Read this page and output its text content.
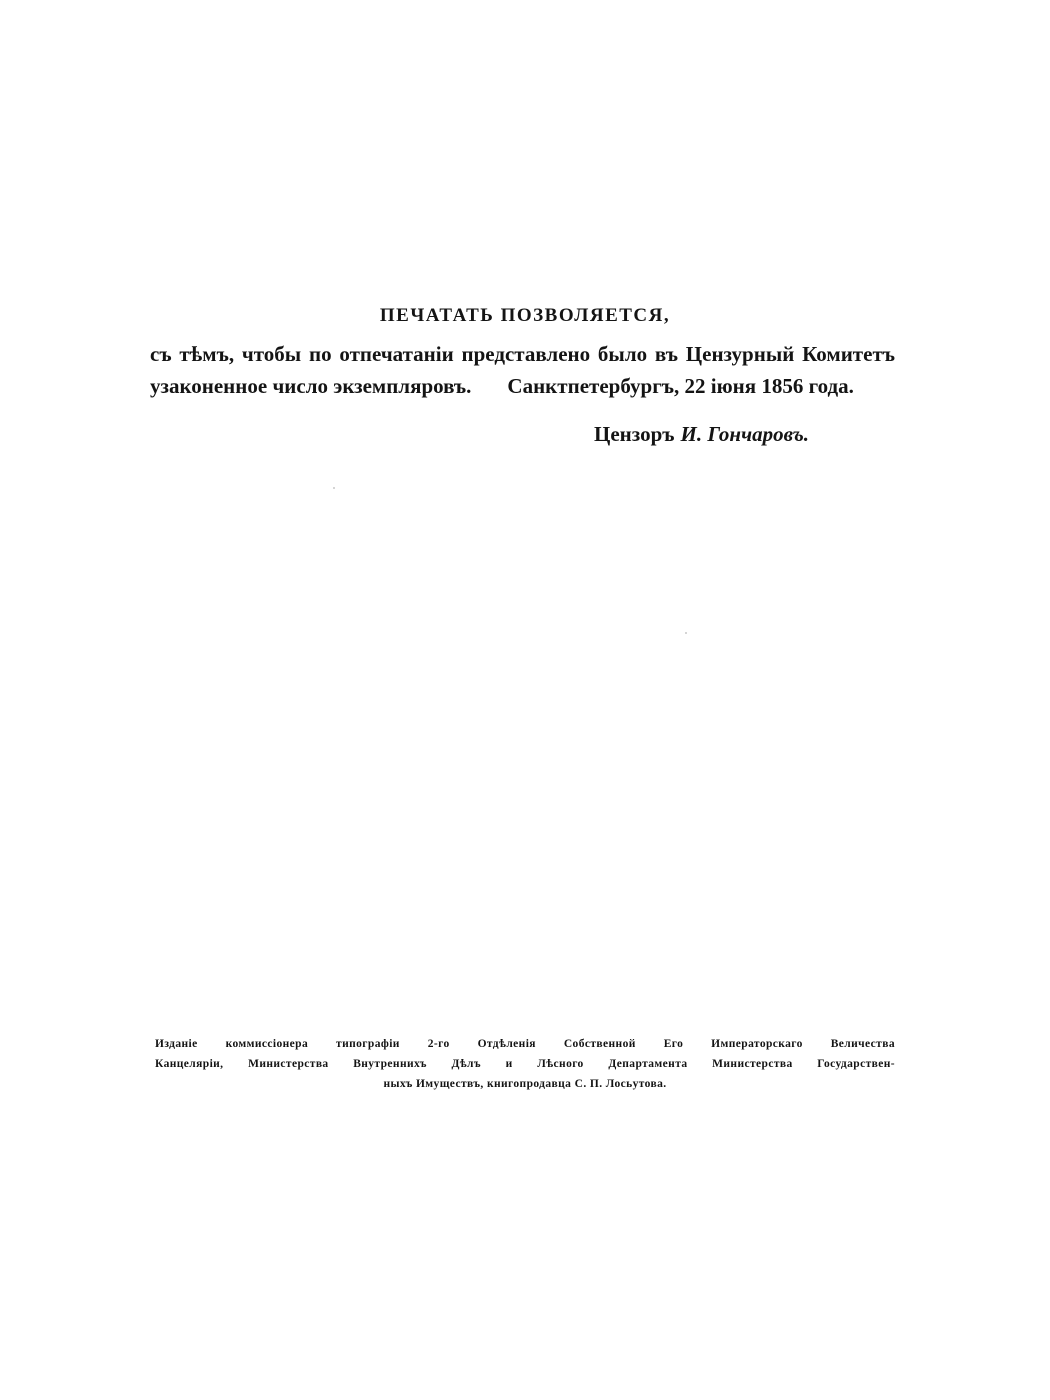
ПЕЧАТАТЬ ПОЗВОЛЯЕТСЯ,

съ тѣмъ, чтобы по отпечатаніи представлено было въ Цензурный Комитетъ

узаконенное число экземпляровъ. Санктпетербургъ, 22 іюня 1856 года.

Цензоръ И. Гончаровъ.

Изданіе коммиссіонера типографіи 2-го Отдѣленія Собственной Его Императорскаго Величества
Канцеляріи, Министерства Внутреннихъ Дѣлъ и Лѣсного Департамента Министерства Государствен-
ныхъ Имуществъ, книгопродавца С. П. Лосьутова.
